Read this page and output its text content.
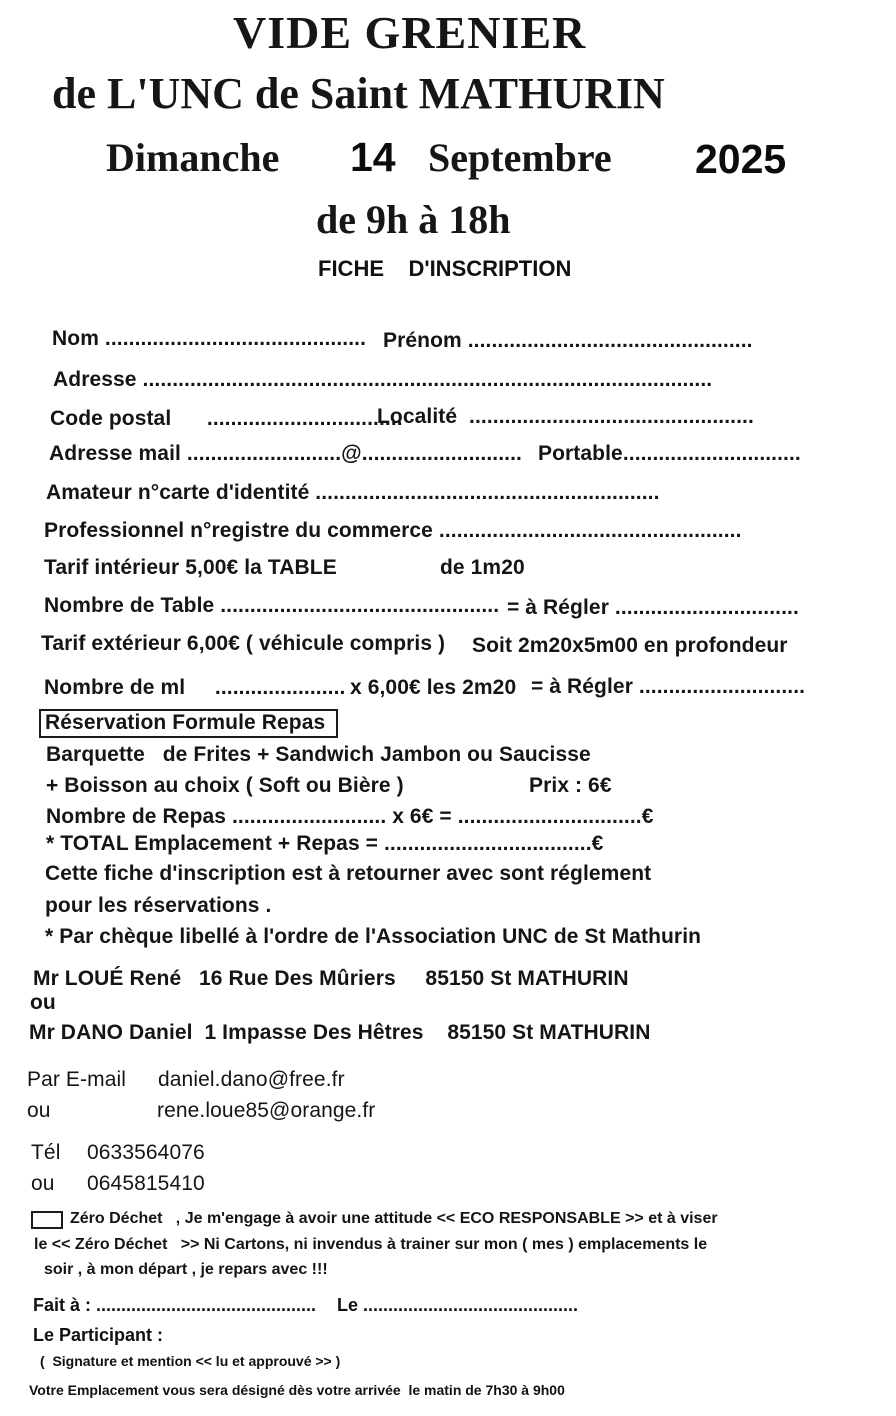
VIDE GRENIER
de L'UNC de Saint MATHURIN
Dimanche 14 Septembre 2025
de 9h à 18h
FICHE    D'INSCRIPTION
Nom ............................................ Prénom ................................................
Adresse ................................................................................................
Code postal      .................................
Localité  ................................................
Adresse mail ..........................@........................... Portable..............................
Amateur n°carte d'identité ..........................................................
Professionnel n°registre du commerce ...................................................
Tarif intérieur 5,00€ la TABLE	de 1m20
Nombre de Table ............................................... = à Régler ...............................
Tarif extérieur 6,00€ ( véhicule compris ) Soit 2m20x5m00 en profondeur
Nombre de ml     ...................... x 6,00€ les 2m20 = à Régler ............................
Réservation Formule Repas
Barquette   de Frites + Sandwich Jambon ou Saucisse
+ Boisson au choix ( Soft ou Bière )	Prix : 6€
Nombre de Repas .......................... x 6€ = ...............................€
* TOTAL Emplacement + Repas = ...................................€
Cette fiche d'inscription est à retourner avec sont réglement
pour les réservations .
* Par chèque libellé à l'ordre de l'Association UNC de St Mathurin
Mr LOUÉ René   16 Rue Des Mûriers     85150 St MATHURIN
ou
Mr DANO Daniel  1 Impasse Des Hêtres    85150 St MATHURIN
Par E-mail daniel.dano@free.fr
ou	rene.loue85@orange.fr
Tél 0633564076
ou 0645815410
Zéro Déchet   , Je m'engage à avoir une attitude << ECO RESPONSABLE >> et à viser
le << Zéro Déchet   >> Ni Cartons, ni invendus à trainer sur mon ( mes ) emplacements le
soir , à mon départ , je repars avec !!!
Fait à : ............................................ Le ...........................................
Le Participant :
(  Signature et mention << lu et approuvé >> )
Votre Emplacement vous sera désigné dès votre arrivée  le matin de 7h30 à 9h00
